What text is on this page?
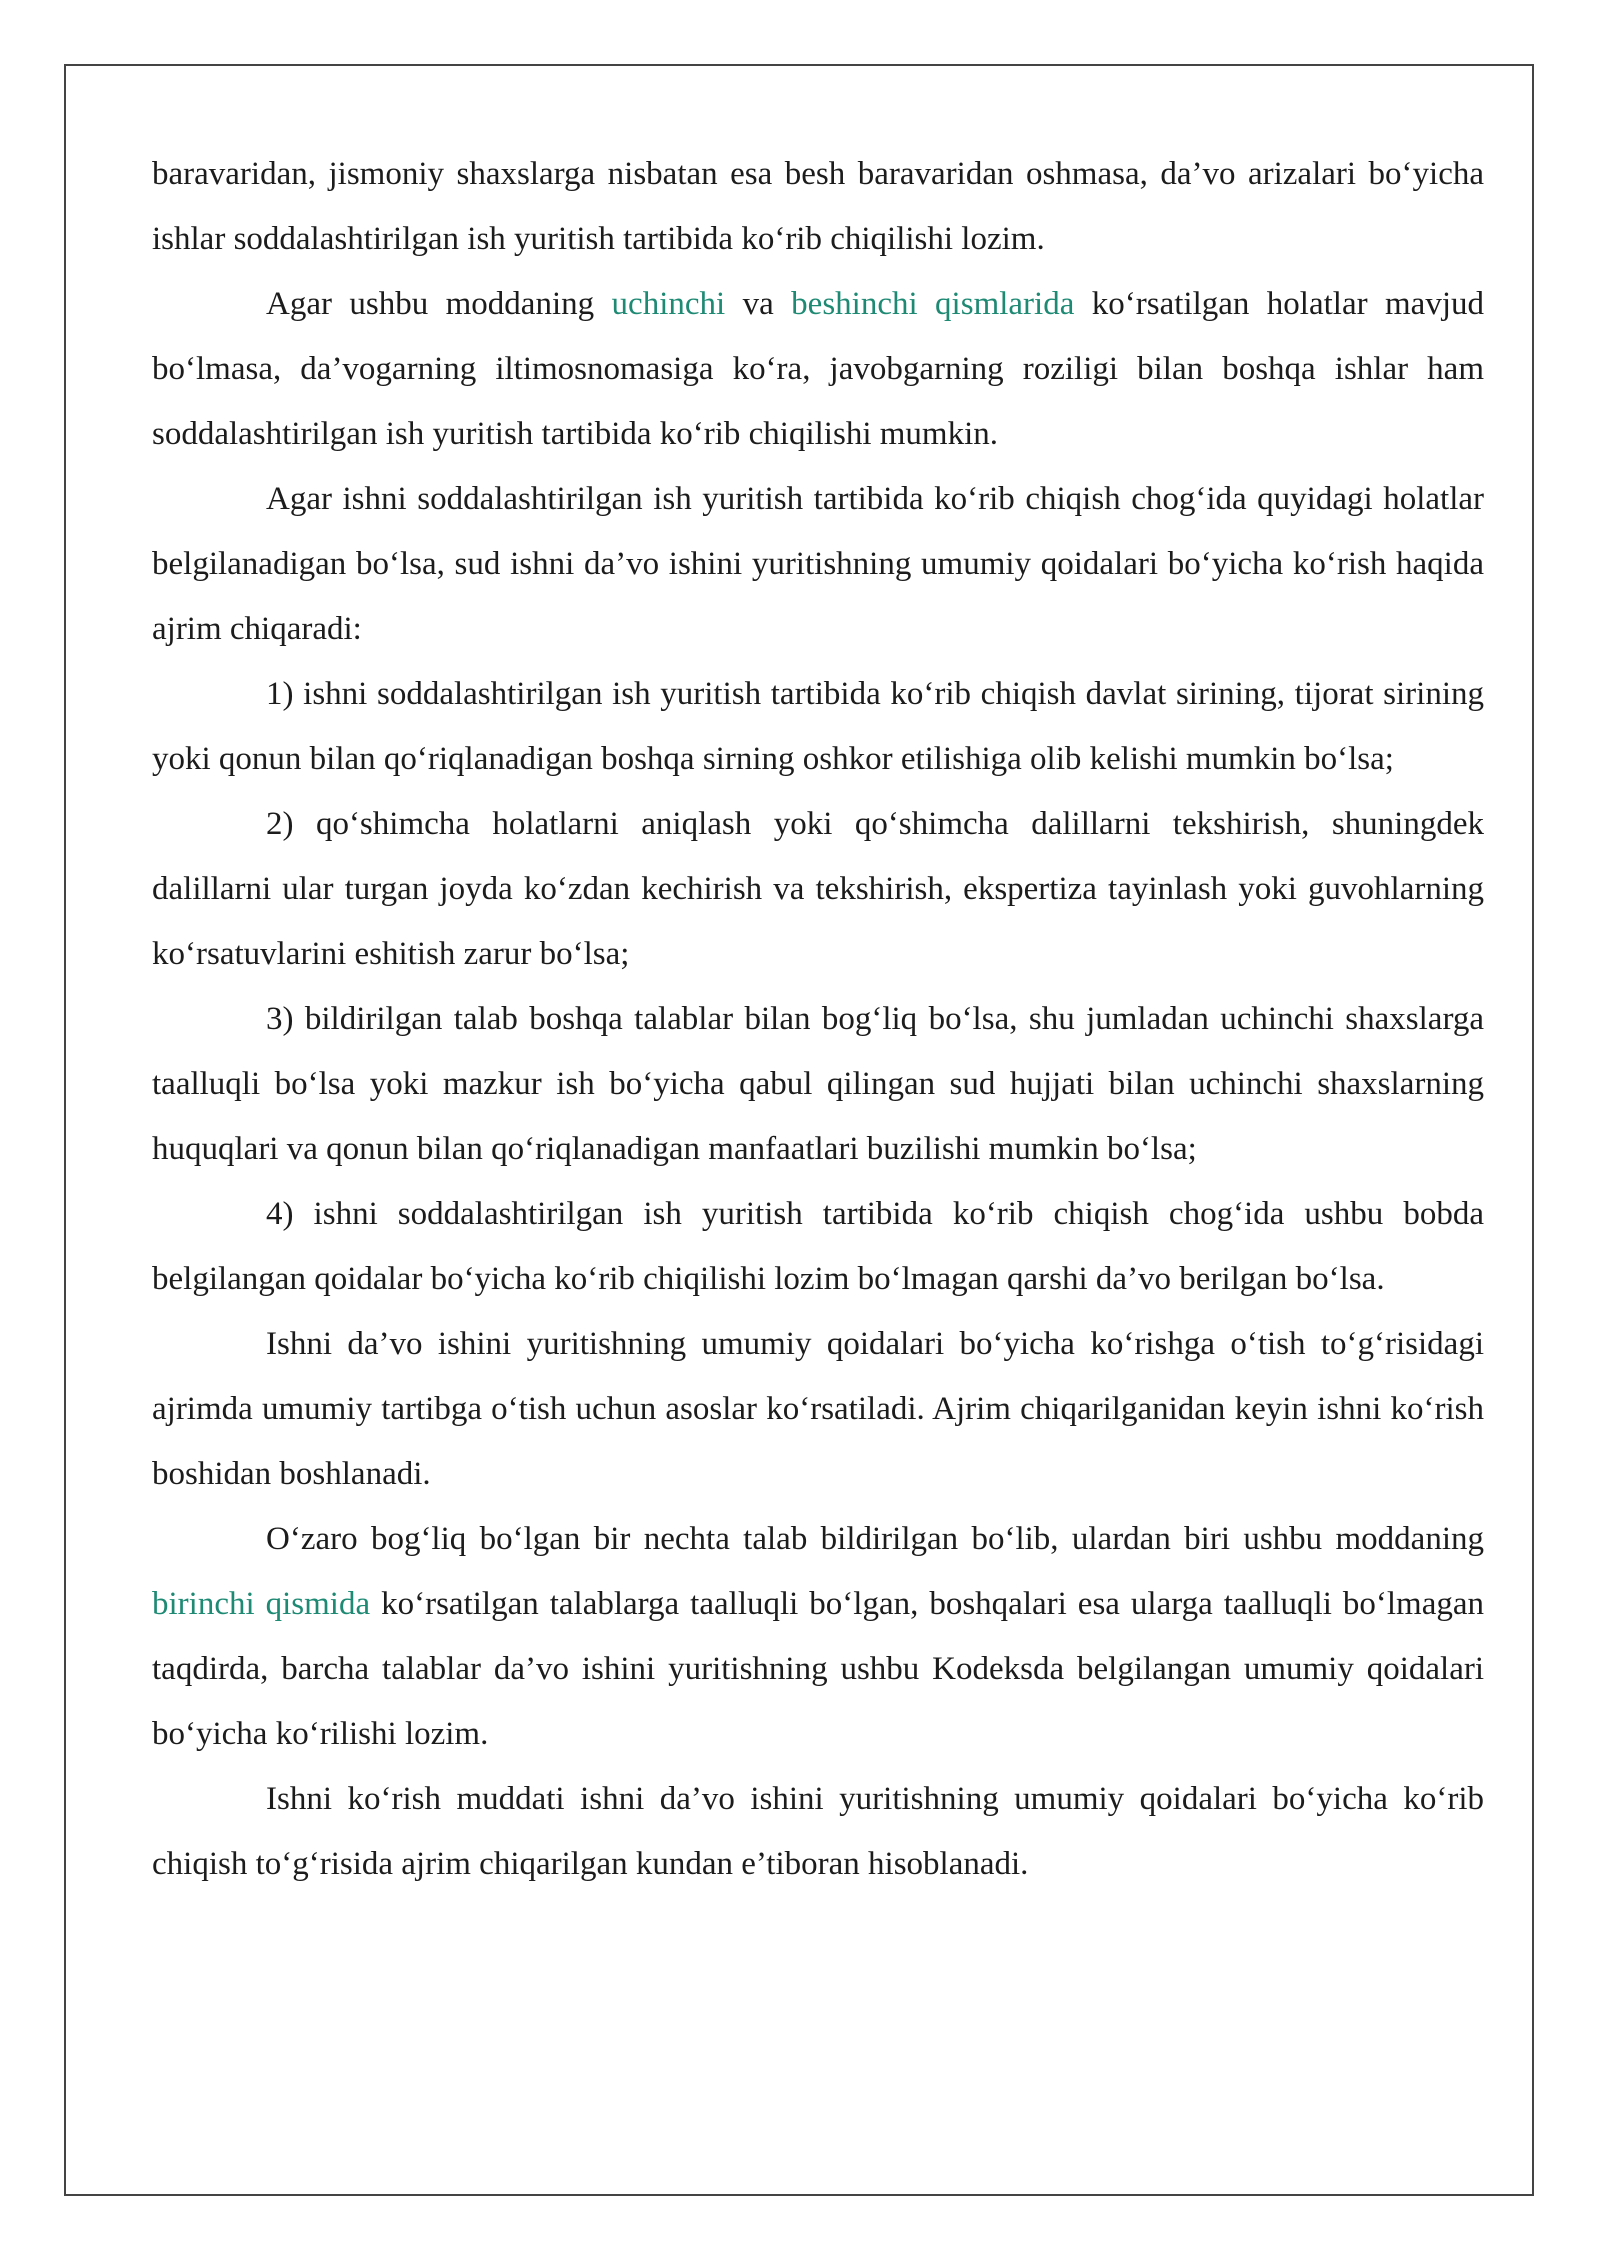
baravaridan, jismoniy shaxslarga nisbatan esa besh baravaridan oshmasa, da’vo arizalari bo‘yicha ishlar soddalashtirilgan ish yuritish tartibida ko‘rib chiqilishi lozim.

Agar ushbu moddaning uchinchi va beshinchi qismlarida ko‘rsatilgan holatlar mavjud bo‘lmasa, da’vogarning iltimosnomasiga ko‘ra, javobgarning roziligi bilan boshqa ishlar ham soddalashtirilgan ish yuritish tartibida ko‘rib chiqilishi mumkin.

Agar ishni soddalashtirilgan ish yuritish tartibida ko‘rib chiqish chog‘ida quyidagi holatlar belgilanadigan bo‘lsa, sud ishni da’vo ishini yuritishning umumiy qoidalari bo‘yicha ko‘rish haqida ajrim chiqaradi:

1) ishni soddalashtirilgan ish yuritish tartibida ko‘rib chiqish davlat sirining, tijorat sirining yoki qonun bilan qo‘riqlanadigan boshqa sirning oshkor etilishiga olib kelishi mumkin bo‘lsa;

2) qo‘shimcha holatlarni aniqlash yoki qo‘shimcha dalillarni tekshirish, shuningdek dalillarni ular turgan joyda ko‘zdan kechirish va tekshirish, ekspertiza tayinlash yoki guvohlarning ko‘rsatuvlarini eshitish zarur bo‘lsa;

3) bildirilgan talab boshqa talablar bilan bog‘liq bo‘lsa, shu jumladan uchinchi shaxslarga taalluqli bo‘lsa yoki mazkur ish bo‘yicha qabul qilingan sud hujjati bilan uchinchi shaxslarning huquqlari va qonun bilan qo‘riqlanadigan manfaatlari buzilishi mumkin bo‘lsa;

4) ishni soddalashtirilgan ish yuritish tartibida ko‘rib chiqish chog‘ida ushbu bobda belgilangan qoidalar bo‘yicha ko‘rib chiqilishi lozim bo‘lmagan qarshi da’vo berilgan bo‘lsa.

Ishni da’vo ishini yuritishning umumiy qoidalari bo‘yicha ko‘rishga o‘tish to‘g‘risidagi ajrimda umumiy tartibga o‘tish uchun asoslar ko‘rsatiladi. Ajrim chiqarilganidan keyin ishni ko‘rish boshidan boshlanadi.

O‘zaro bog‘liq bo‘lgan bir nechta talab bildirilgan bo‘lib, ulardan biri ushbu moddaning birinchi qismida ko‘rsatilgan talablarga taalluqli bo‘lgan, boshqalari esa ularga taalluqli bo‘lmagan taqdirda, barcha talablar da’vo ishini yuritishning ushbu Kodeksda belgilangan umumiy qoidalari bo‘yicha ko‘rilishi lozim.

Ishni ko‘rish muddati ishni da’vo ishini yuritishning umumiy qoidalari bo‘yicha ko‘rib chiqish to‘g‘risida ajrim chiqarilgan kundan e’tiboran hisoblanadi.
